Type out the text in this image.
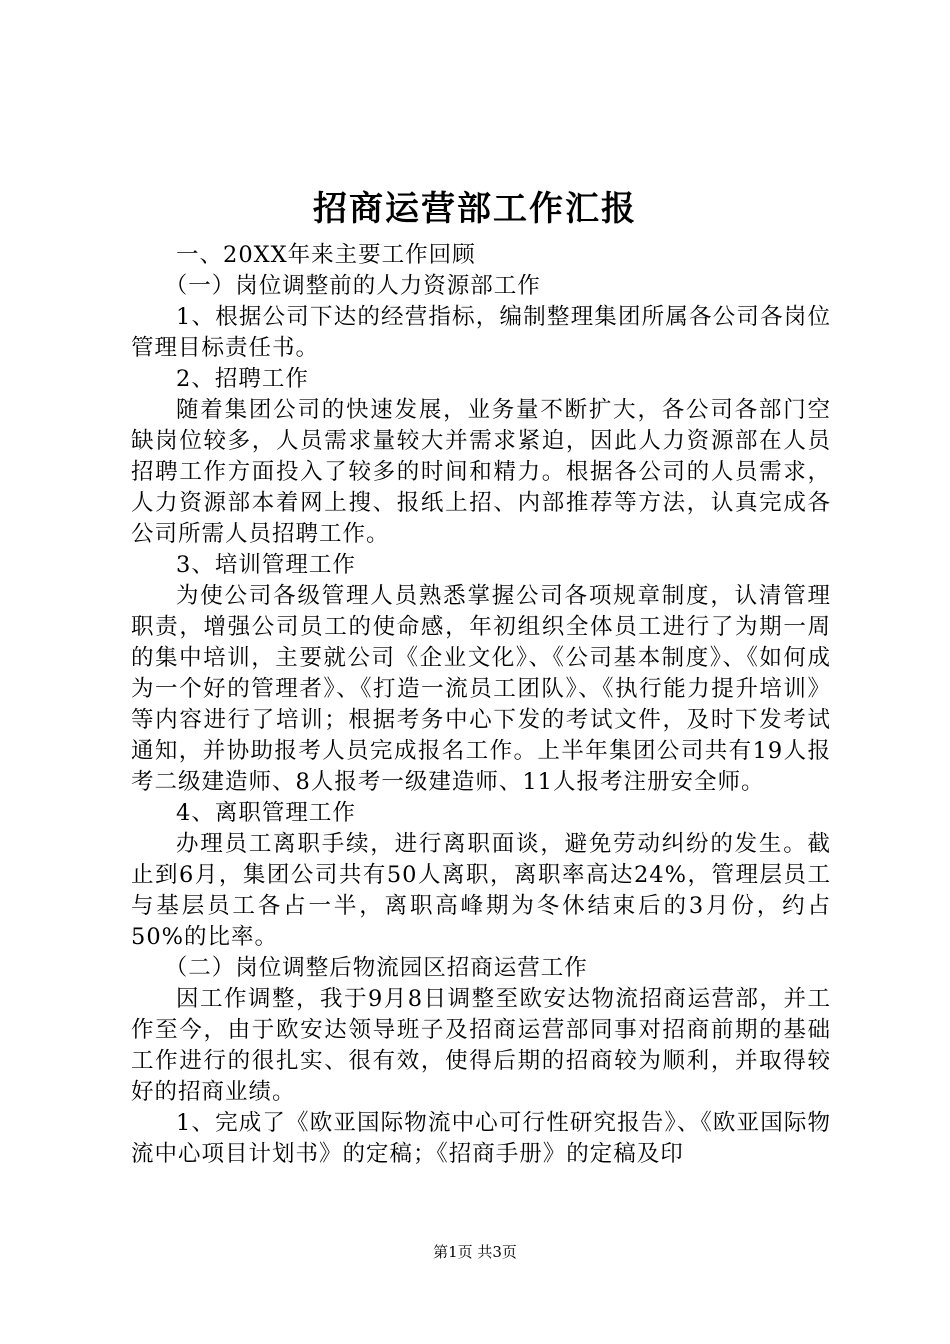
招商运营部工作汇报

一、20XX年来主要工作回顾

（一）岗位调整前的人力资源部工作

1、根据公司下达的经营指标，编制整理集团所属各公司各岗位管理目标责任书。

2、招聘工作

随着集团公司的快速发展，业务量不断扩大，各公司各部门空缺岗位较多，人员需求量较大并需求紧迫，因此人力资源部在人员招聘工作方面投入了较多的时间和精力。根据各公司的人员需求，人力资源部本着网上搜、报纸上招、内部推荐等方法，认真完成各公司所需人员招聘工作。

3、培训管理工作

为使公司各级管理人员熟悉掌握公司各项规章制度，认清管理职责，增强公司员工的使命感，年初组织全体员工进行了为期一周的集中培训，主要就公司《企业文化》、《公司基本制度》、《如何成为一个好的管理者》、《打造一流员工团队》、《执行能力提升培训》等内容进行了培训；根据考务中心下发的考试文件，及时下发考试通知，并协助报考人员完成报名工作。上半年集团公司共有19人报考二级建造师、8人报考一级建造师、11人报考注册安全师。

4、离职管理工作

办理员工离职手续，进行离职面谈，避免劳动纠纷的发生。截止到6月，集团公司共有50人离职，离职率高达24%，管理层员工与基层员工各占一半，离职高峰期为冬休结束后的3月份，约占50%的比率。

（二）岗位调整后物流园区招商运营工作

因工作调整，我于9月8日调整至欧安达物流招商运营部，并工作至今，由于欧安达领导班子及招商运营部同事对招商前期的基础工作进行的很扎实、很有效，使得后期的招商较为顺利，并取得较好的招商业绩。

1、完成了《欧亚国际物流中心可行性研究报告》、《欧亚国际物流中心项目计划书》的定稿；《招商手册》的定稿及印

第1页 共3页
